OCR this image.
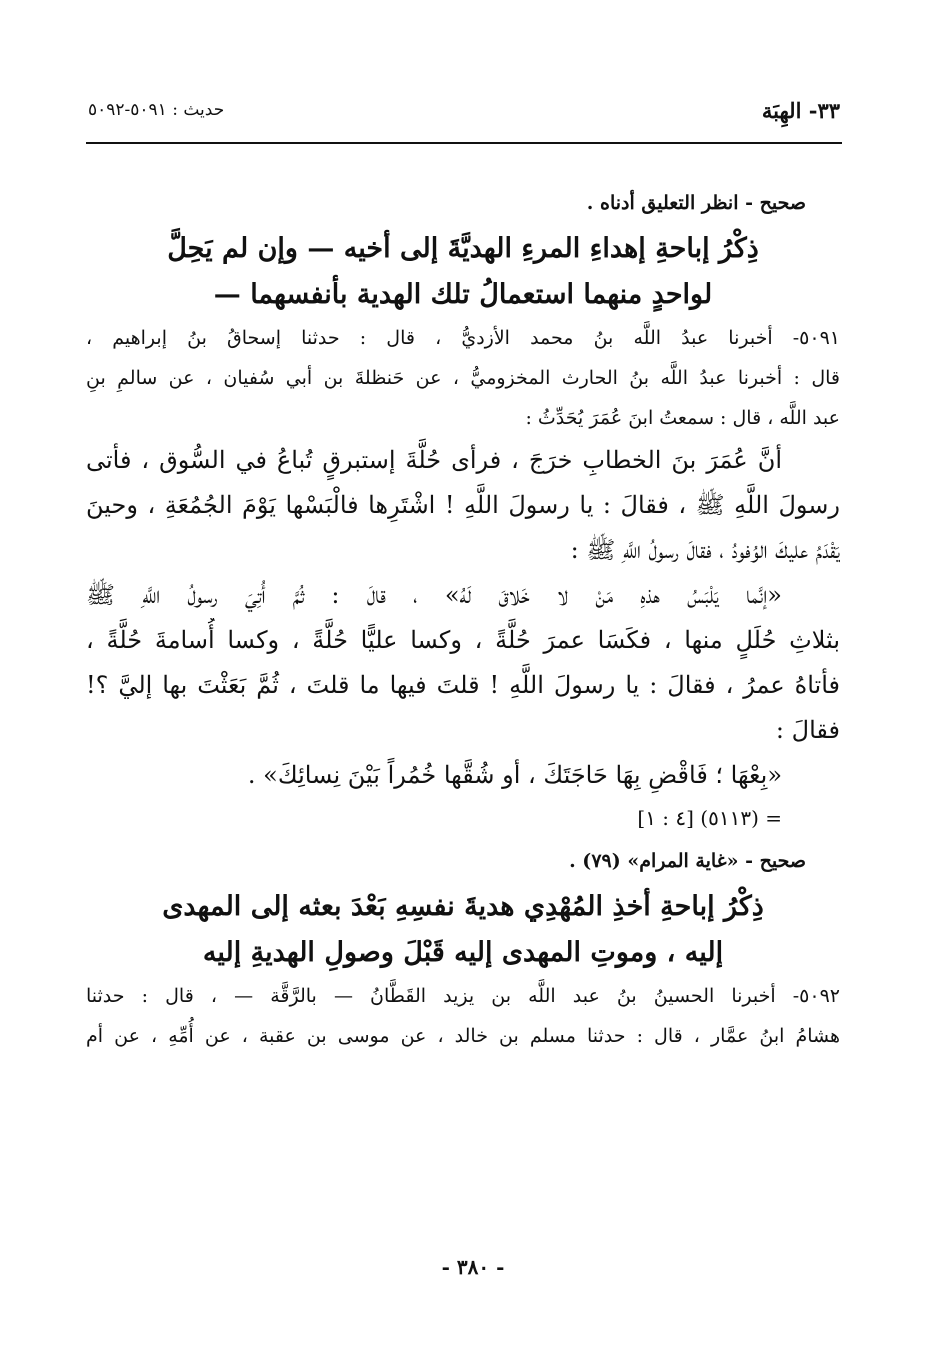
٣٣- الهِبَة
حديث : ٥٠٩١-٥٠٩٢
صحيح - انظر التعليق أدناه .
ذِكْرُ إباحةِ إهداءِ المرءِ الهديَّةَ إلى أخيه — وإن لم يَحِلَّ
لواحدٍ منهما استعمالُ تلك الهدية بأنفسهما —
٥٠٩١- أخبرنا عبدُ اللَّه بنُ محمد الأزديُّ ، قال : حدثنا إسحاقُ بنُ إبراهيم ،
قال : أخبرنا عبدُ اللَّه بنُ الحارث المخزوميُّ ، عن حَنظلةَ بن أبي سُفيان ، عن سالمِ بنِ
عبد اللَّه ، قال : سمعتُ ابنَ عُمَرَ يُحَدِّثُ :
أنَّ عُمَرَ بنَ الخطابِ خرَجَ ، فرأى حُلَّةَ إستبرقٍ تُباعُ في السُّوق ، فأتى
رسولَ اللَّهِ ﷺ ، فقالَ : يا رسولَ اللَّهِ ! اشْتَرِها فالْبَسْها يَوْمَ الجُمُعَةِ ، وحينَ
يَقْدَمُ عليكَ الوُفودُ ، فقالَ رسولُ اللَّهِ ﷺ :
«إنَّما يَلْبَسُ هذهِ مَنْ لا خَلاقَ لَهُ» ، قالَ : ثُمَّ أُتِيَ رسولُ اللَّهِ ﷺ
بثلاثِ حُلَلٍ منها ، فكَسَا عمرَ حُلَّةً ، وكسا عليًّا حُلَّةً ، وكسا أُسامةَ حُلَّةً ،
فأتاهُ عمرُ ، فقالَ : يا رسولَ اللَّهِ ! قلتَ فيها ما قلتَ ، ثُمَّ بَعَثْتَ بها إليَّ ؟!
فقالَ :
«بِعْهَا ؛ فَاقْضِ بِهَا حَاجَتَكَ ، أو شُقَّها خُمُراً بَيْنَ نِسائِكَ» .
= (٥١١٣) [٤ : ١]
صحيح - «غاية المرام» (٧٩) .
ذِكْرُ إباحةِ أخذِ المُهْدِي هديةَ نفسِهِ بَعْدَ بعثه إلى المهدى
إليه ، وموتِ المهدى إليه قَبْلَ وصولِ الهديةِ إليه
٥٠٩٢- أخبرنا الحسينُ بنُ عبد اللَّه بن يزيد القَطَّانُ — بالرَّقَّة — ، قال : حدثنا
هشامُ ابنُ عمَّار ، قال : حدثنا مسلم بن خالد ، عن موسى بن عقبة ، عن أُمِّهِ ، عن أم
- ٣٨٠ -
